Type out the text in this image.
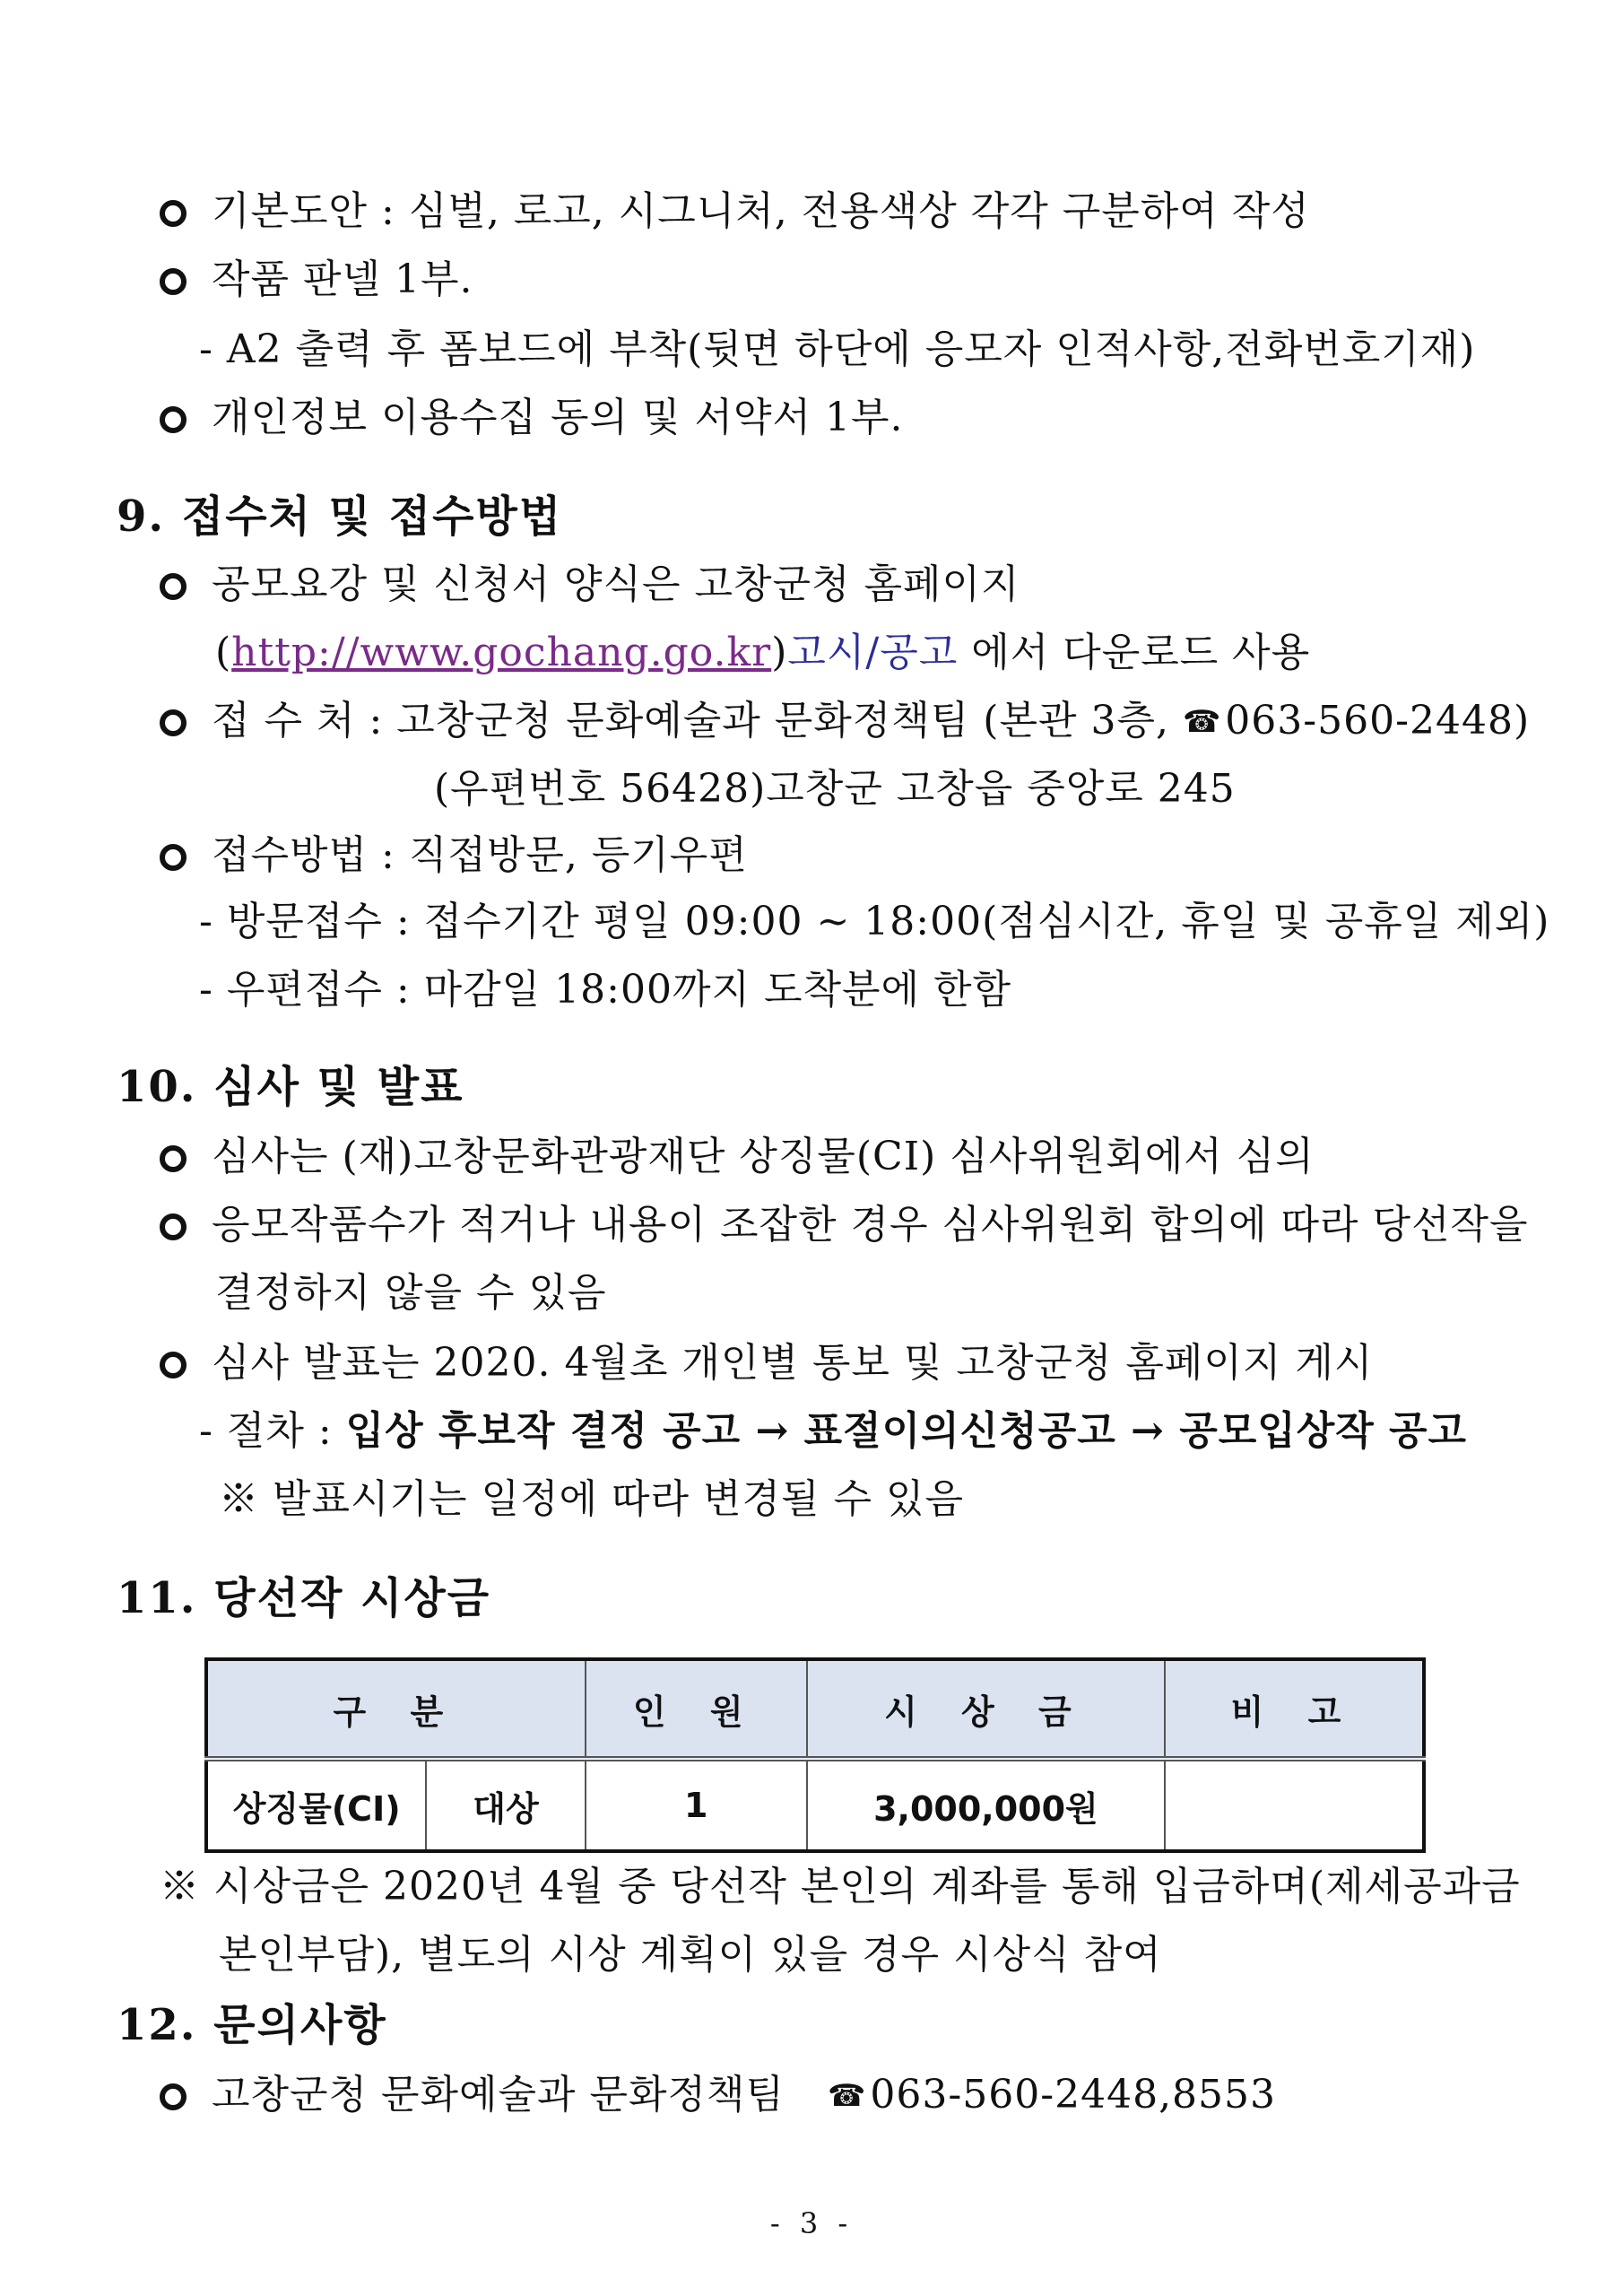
기본도안 : 심벌, 로고, 시그니처, 전용색상 각각 구분하여 작성
작품 판넬 1부.
- A2 출력 후 폼보드에 부착(뒷면 하단에 응모자 인적사항,전화번호기재)
개인정보 이용수집 동의 및 서약서 1부.
9. 접수처 및 접수방법
공모요강 및 신청서 양식은 고창군청 홈페이지
(http://www.gochang.go.kr)고시/공고 에서 다운로드 사용
접 수 처 : 고창군청 문화예술과 문화정책팀 (본관 3층, ☎063-560-2448)
(우편번호 56428)고창군 고창읍 중앙로 245
접수방법 : 직접방문, 등기우편
- 방문접수 : 접수기간 평일 09:00 ~ 18:00(점심시간, 휴일 및 공휴일 제외)
- 우편접수 : 마감일 18:00까지 도착분에 한함
10. 심사 및 발표
심사는 (재)고창문화관광재단 상징물(CI) 심사위원회에서 심의
응모작품수가 적거나 내용이 조잡한 경우 심사위원회 합의에 따라 당선작을
결정하지 않을 수 있음
심사 발표는 2020. 4월초 개인별 통보 및 고창군청 홈페이지 게시
- 절차 : 입상 후보작 결정 공고 → 표절이의신청공고 → 공모입상작 공고
※ 발표시기는 일정에 따라 변경될 수 있음
11. 당선작 시상금
구 분		인 원	시 상 금	비 고
상징물(CI)	대상	1	3,000,000원	
※ 시상금은 2020년 4월 중 당선작 본인의 계좌를 통해 입금하며(제세공과금
본인부담), 별도의 시상 계획이 있을 경우 시상식 참여
12. 문의사항
고창군청 문화예술과 문화정책팀 ☎063-560-2448,8553
- 3 -
